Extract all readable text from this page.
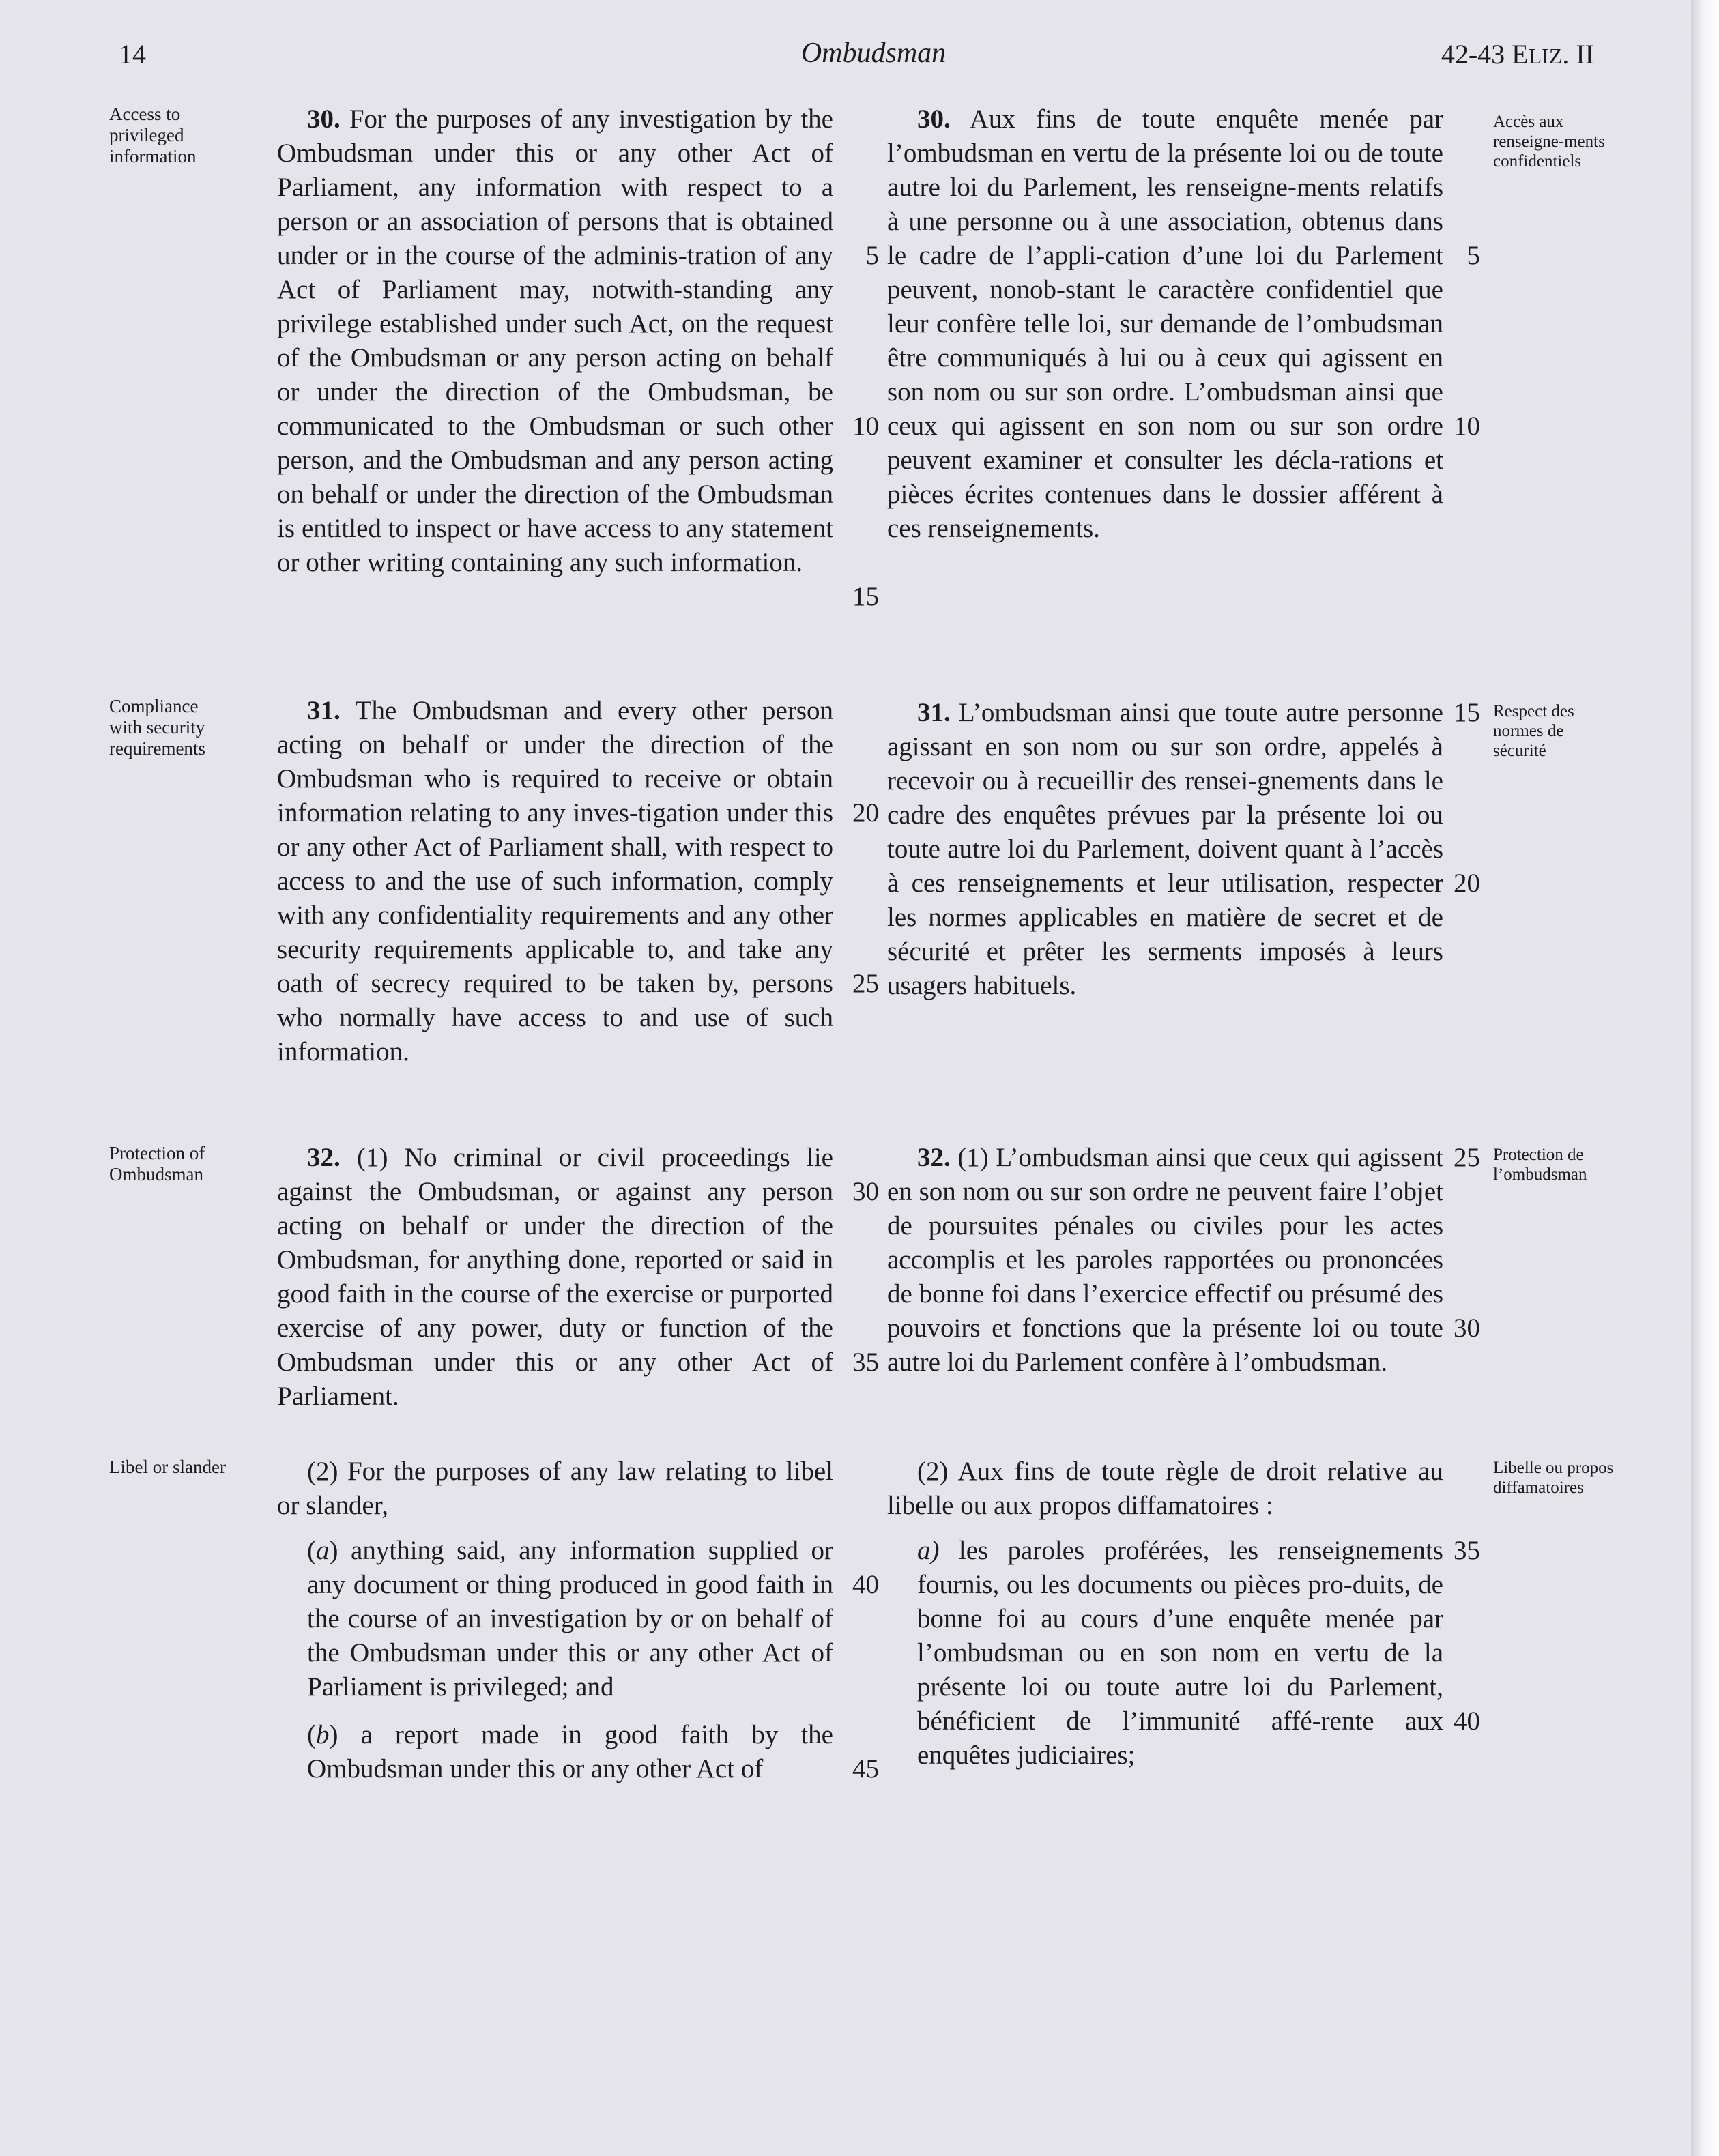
14	Ombudsman	42-43 ELIZ. II
Access to privileged information
Compliance with security requirements
Protection of Ombudsman
Libel or slander
Accès aux renseigne-ments confidentiels
Respect des normes de sécurité
Protection de l’ombudsman
Libelle ou propos diffamatoires

30. For the purposes of any investigation by the Ombudsman under this or any other Act of Parliament, any information with respect to a person or an association of persons that is obtained under or in the course of the adminis-tration of any Act of Parliament may, notwith-standing any privilege established under such Act, on the request of the Ombudsman or any person acting on behalf or under the direction of the Ombudsman, be communicated to the Ombudsman or such other person, and the Ombudsman and any person acting on behalf or under the direction of the Ombudsman is entitled to inspect or have access to any statement or other writing containing any such information.

31. The Ombudsman and every other person acting on behalf or under the direction of the Ombudsman who is required to receive or obtain information relating to any inves-tigation under this or any other Act of Parliament shall, with respect to access to and the use of such information, comply with any confidentiality requirements and any other security requirements applicable to, and take any oath of secrecy required to be taken by, persons who normally have access to and use of such information.

32. (1) No criminal or civil proceedings lie against the Ombudsman, or against any person acting on behalf or under the direction of the Ombudsman, for anything done, reported or said in good faith in the course of the exercise or purported exercise of any power, duty or function of the Ombudsman under this or any other Act of Parliament.

(2) For the purposes of any law relating to libel or slander,

(a) anything said, any information supplied or any document or thing produced in good faith in the course of an investigation by or on behalf of the Ombudsman under this or any other Act of Parliament is privileged; and

(b) a report made in good faith by the Ombudsman under this or any other Act of

30. Aux fins de toute enquête menée par l’ombudsman en vertu de la présente loi ou de toute autre loi du Parlement, les renseigne-ments relatifs à une personne ou à une association, obtenus dans le cadre de l’appli-cation d’une loi du Parlement peuvent, nonob-stant le caractère confidentiel que leur confère telle loi, sur demande de l’ombudsman être communiqués à lui ou à ceux qui agissent en son nom ou sur son ordre. L’ombudsman ainsi que ceux qui agissent en son nom ou sur son ordre peuvent examiner et consulter les décla-rations et pièces écrites contenues dans le dossier afférent à ces renseignements.

31. L’ombudsman ainsi que toute autre personne agissant en son nom ou sur son ordre, appelés à recevoir ou à recueillir des rensei-gnements dans le cadre des enquêtes prévues par la présente loi ou toute autre loi du Parlement, doivent quant à l’accès à ces renseignements et leur utilisation, respecter les normes applicables en matière de secret et de sécurité et prêter les serments imposés à leurs usagers habituels.

32. (1) L’ombudsman ainsi que ceux qui agissent en son nom ou sur son ordre ne peuvent faire l’objet de poursuites pénales ou civiles pour les actes accomplis et les paroles rapportées ou prononcées de bonne foi dans l’exercice effectif ou présumé des pouvoirs et fonctions que la présente loi ou toute autre loi du Parlement confère à l’ombudsman.

(2) Aux fins de toute règle de droit relative au libelle ou aux propos diffamatoires :

a) les paroles proférées, les renseignements fournis, ou les documents ou pièces pro-duits, de bonne foi au cours d’une enquête menée par l’ombudsman ou en son nom en vertu de la présente loi ou toute autre loi du Parlement, bénéficient de l’immunité affé-rente aux enquêtes judiciaires;

5
10
15
20
25
30
35
40
45
5
10
15
20
25
30
35
40
